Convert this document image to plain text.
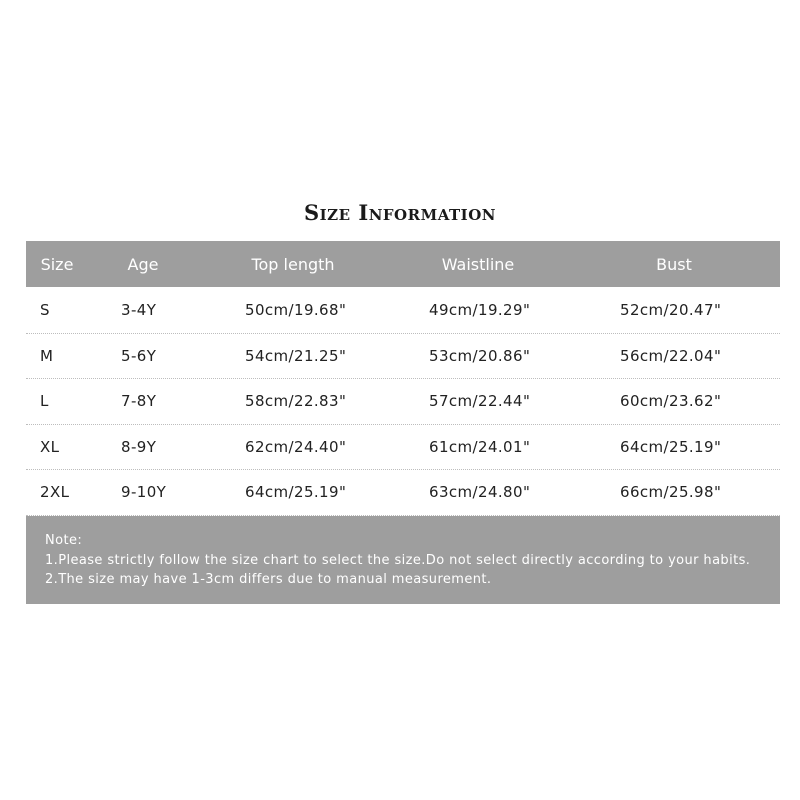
Size Information
Size	Age	Top length	Waistline	Bust
S	3-4Y	50cm/19.68"	49cm/19.29"	52cm/20.47"
M	5-6Y	54cm/21.25"	53cm/20.86"	56cm/22.04"
L	7-8Y	58cm/22.83"	57cm/22.44"	60cm/23.62"
XL	8-9Y	62cm/24.40"	61cm/24.01"	64cm/25.19"
2XL	9-10Y	64cm/25.19"	63cm/24.80"	66cm/25.98"
Note:
1.Please strictly follow the size chart to select the size.Do not select directly according to your habits.
2.The size may have 1-3cm differs due to manual measurement.
